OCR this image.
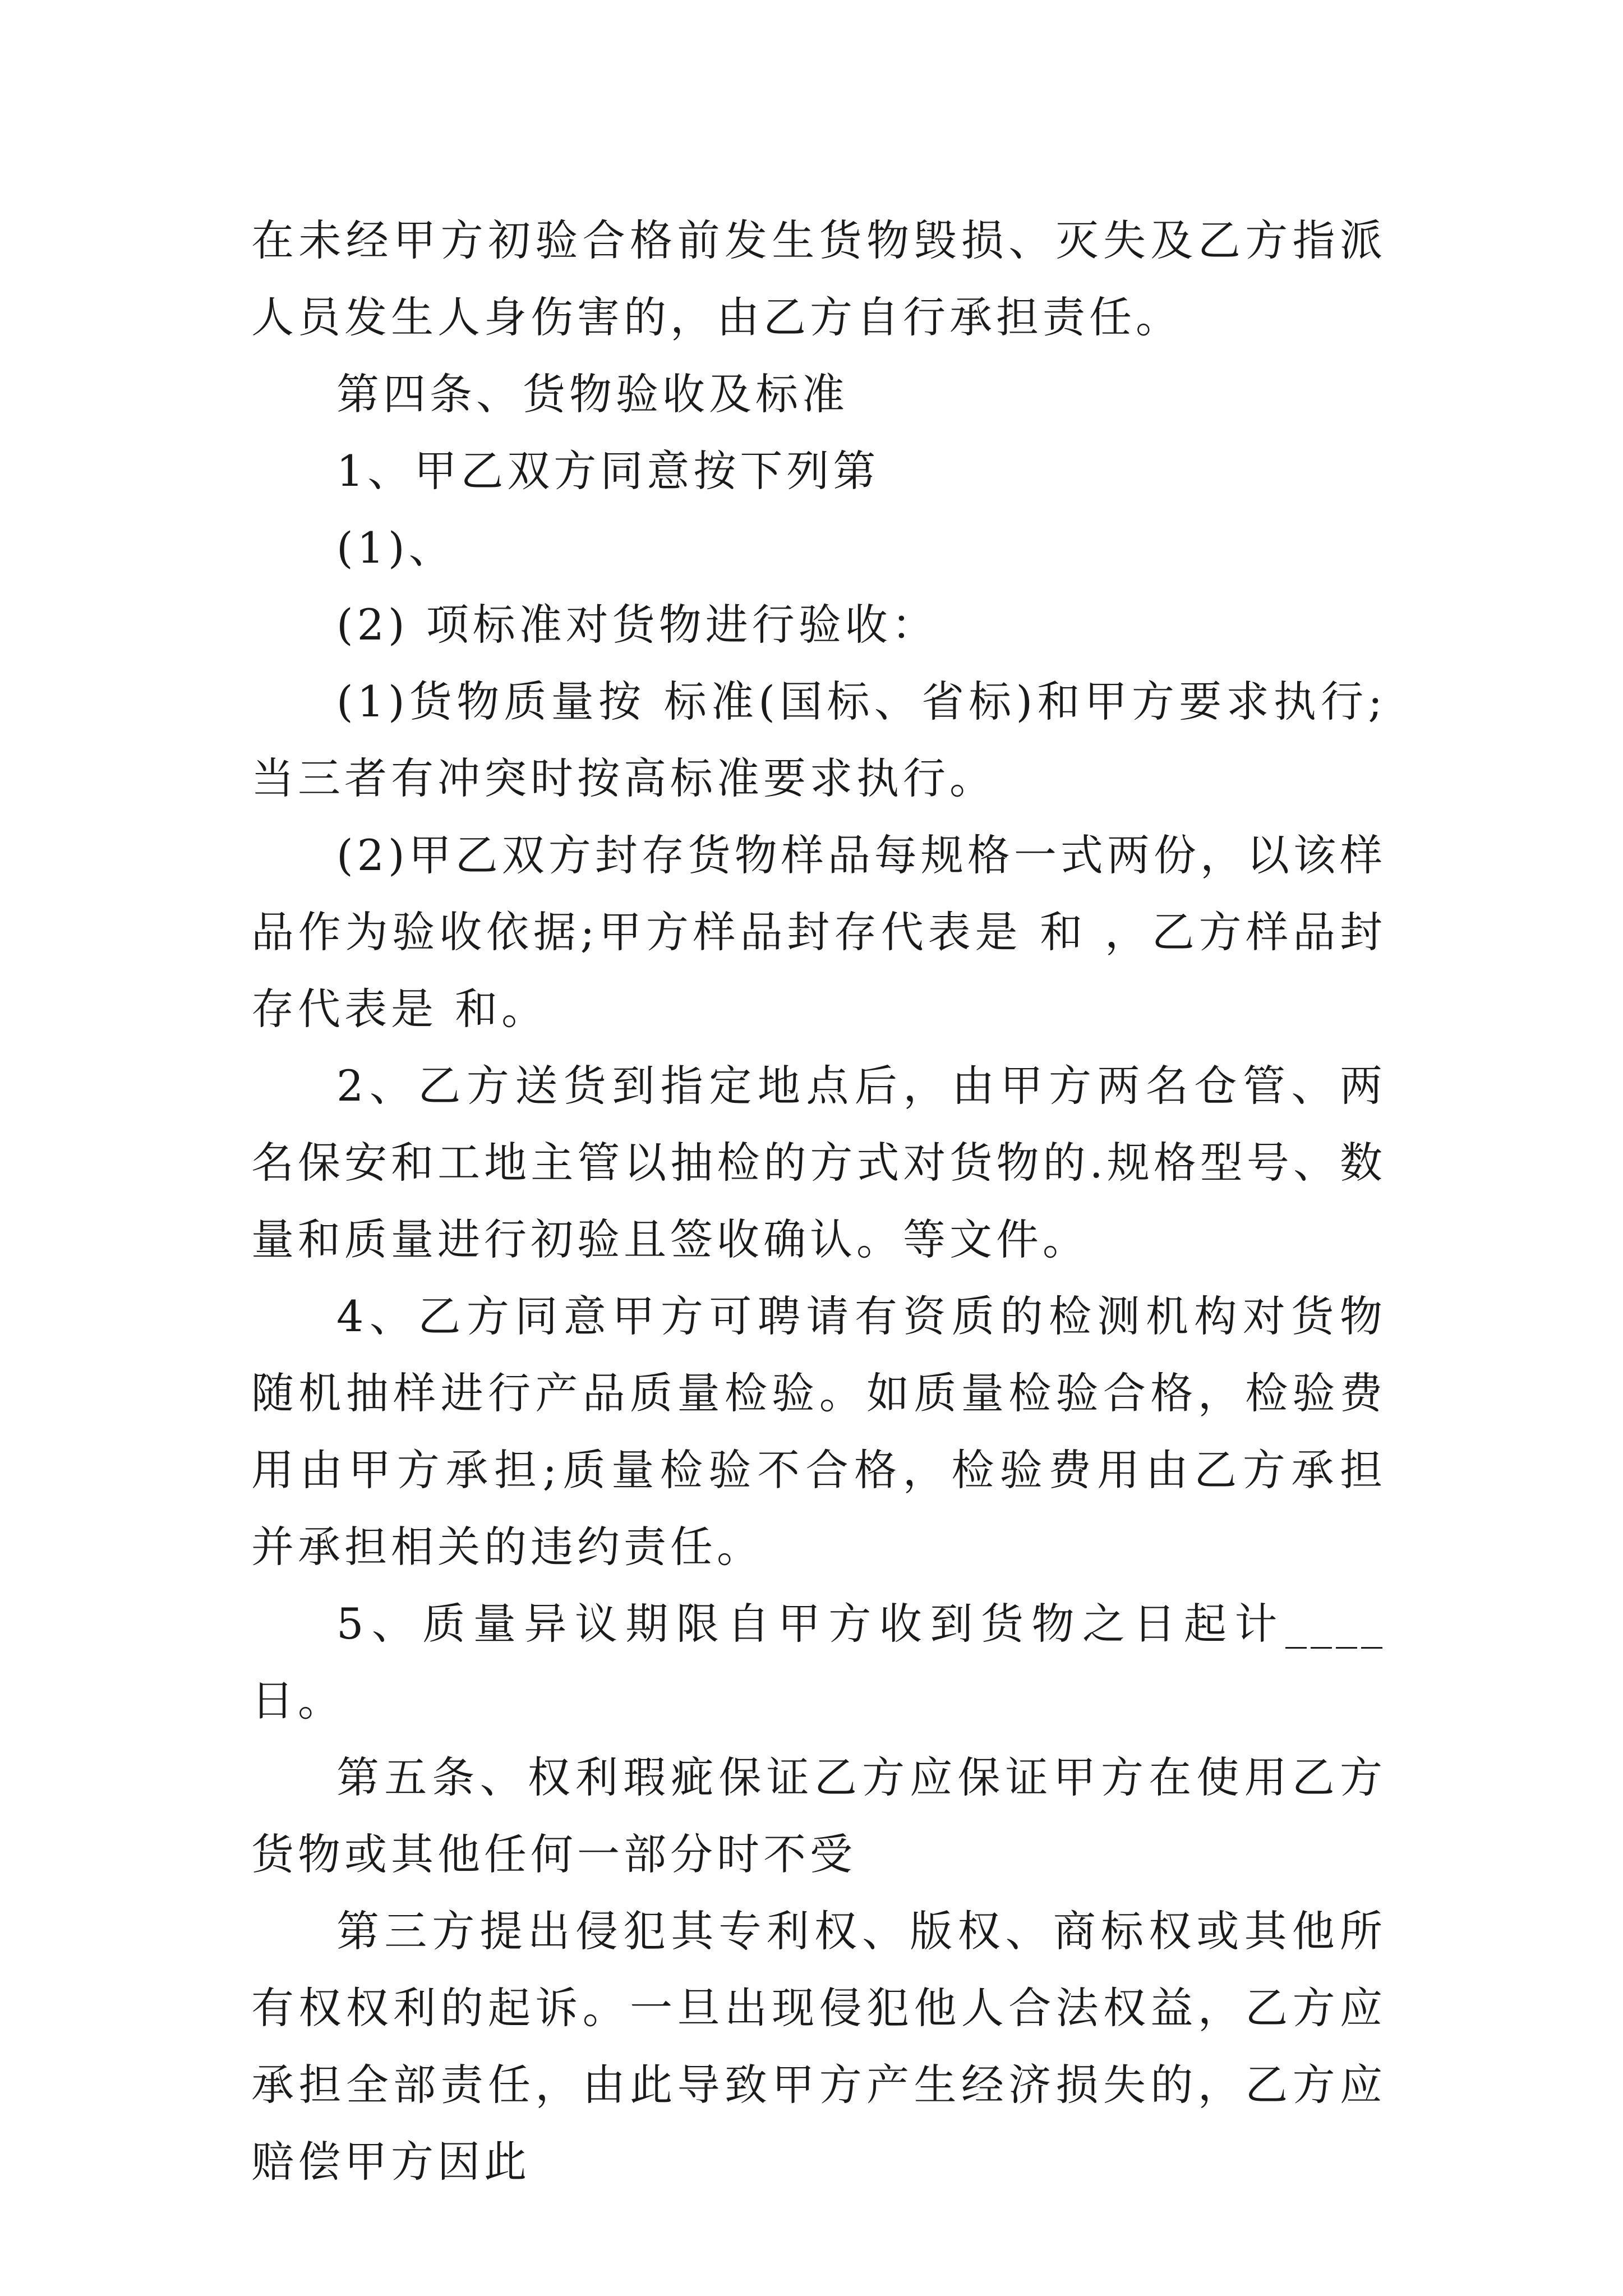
在未经甲方初验合格前发生货物毁损、灭失及乙方指派人员发生人身伤害的，由乙方自行承担责任。

第四条、货物验收及标准

1、甲乙双方同意按下列第

(1)、

(2) 项标准对货物进行验收：

(1)货物质量按 标准(国标、省标)和甲方要求执行;当三者有冲突时按高标准要求执行。

(2)甲乙双方封存货物样品每规格一式两份，以该样品作为验收依据;甲方样品封存代表是 和 ，乙方样品封存代表是 和。

2、乙方送货到指定地点后，由甲方两名仓管、两名保安和工地主管以抽检的方式对货物的.规格型号、数量和质量进行初验且签收确认。等文件。

4、乙方同意甲方可聘请有资质的检测机构对货物随机抽样进行产品质量检验。如质量检验合格，检验费用由甲方承担;质量检验不合格，检验费用由乙方承担并承担相关的违约责任。

5、质量异议期限自甲方收到货物之日起计____日。

第五条、权利瑕疵保证乙方应保证甲方在使用乙方货物或其他任何一部分时不受

第三方提出侵犯其专利权、版权、商标权或其他所有权权利的起诉。一旦出现侵犯他人合法权益，乙方应承担全部责任，由此导致甲方产生经济损失的，乙方应赔偿甲方因此
